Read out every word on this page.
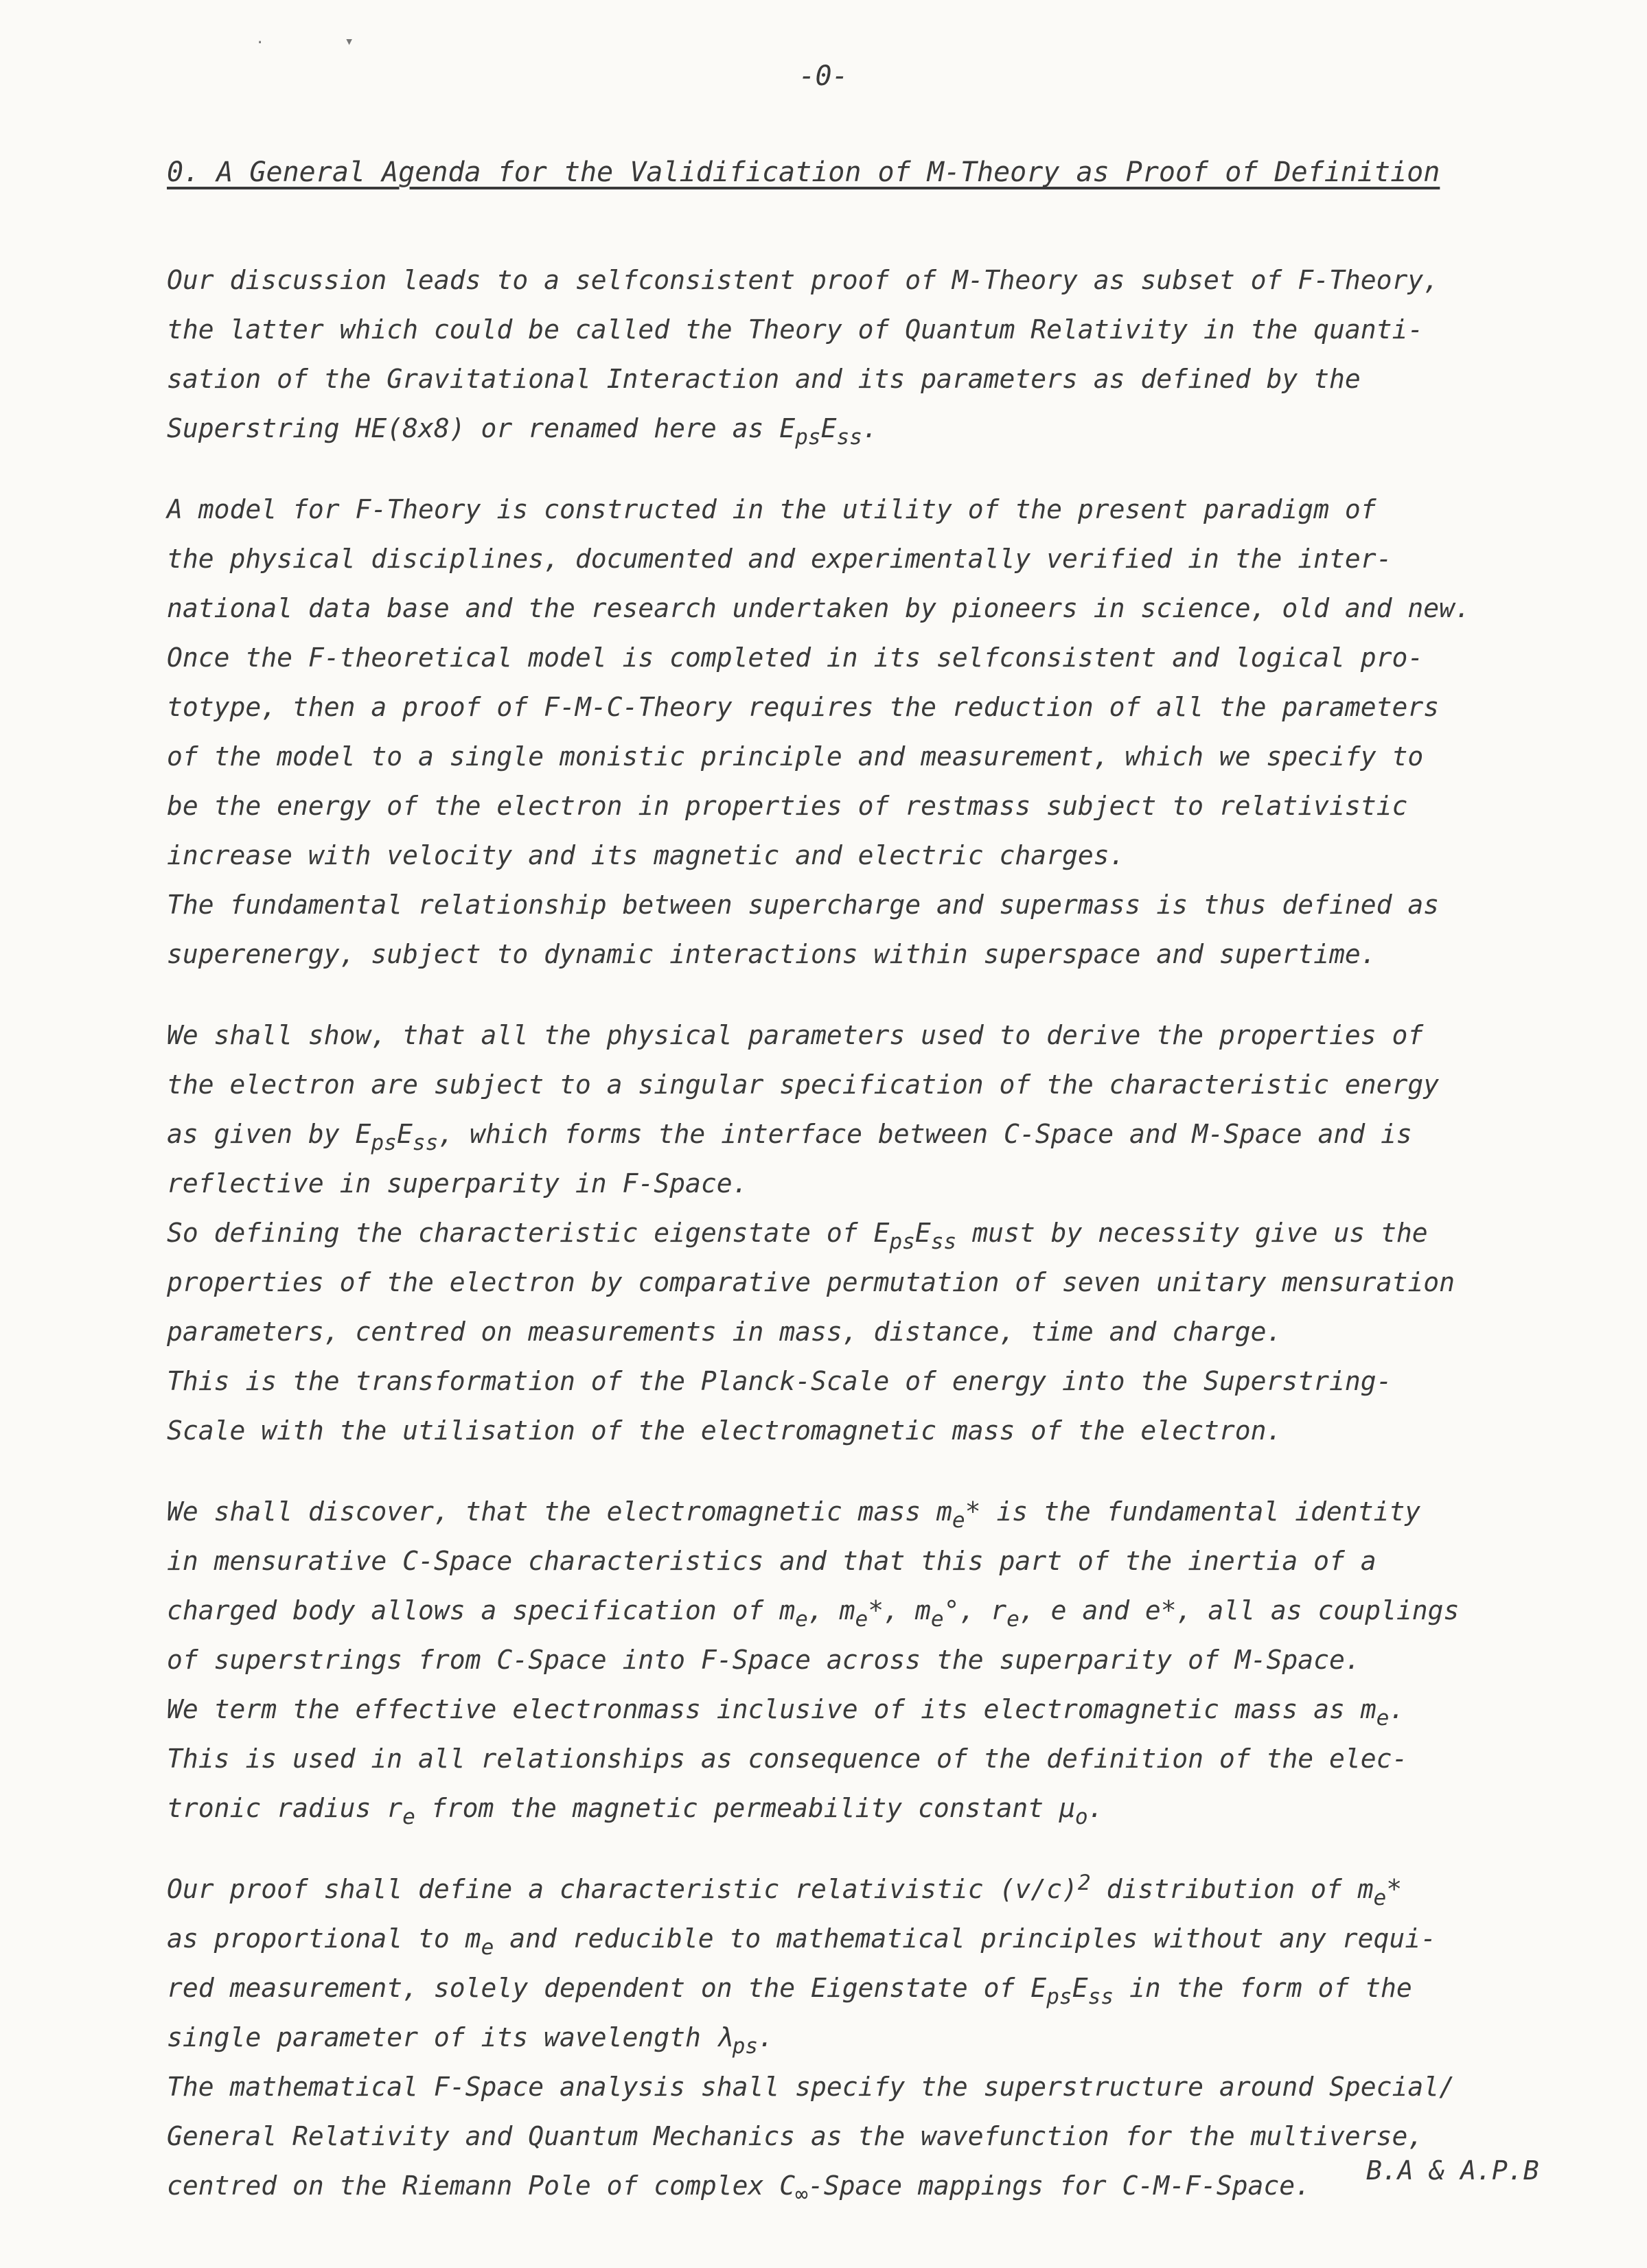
·	▾
-0-
0. A General Agenda for the Validification of M-Theory as Proof of Definition
Our discussion leads to a selfconsistent proof of M-Theory as subset of F-Theory,
the latter which could be called the Theory of Quantum Relativity in the quanti-
sation of the Gravitational Interaction and its parameters as defined by the
Superstring HE(8x8) or renamed here as $E_{ps}E_{ss}$.
A model for F-Theory is constructed in the utility of the present paradigm of
the physical disciplines, documented and experimentally verified in the inter-
national data base and the research undertaken by pioneers in science, old and new.
Once the F-theoretical model is completed in its selfconsistent and logical pro-
totype, then a proof of F-M-C-Theory requires the reduction of all the parameters
of the model to a single monistic principle and measurement, which we specify to
be the energy of the electron in properties of restmass subject to relativistic
increase with velocity and its magnetic and electric charges.
The fundamental relationship between supercharge and supermass is thus defined as
superenergy, subject to dynamic interactions within superspace and supertime.
We shall show, that all the physical parameters used to derive the properties of
the electron are subject to a singular specification of the characteristic energy
as given by $E_{ps}E_{ss}$, which forms the interface between C-Space and M-Space and is
reflective in superparity in F-Space.
So defining the characteristic eigenstate of $E_{ps}E_{ss}$ must by necessity give us the
properties of the electron by comparative permutation of seven unitary mensuration
parameters, centred on measurements in mass, distance, time and charge.
This is the transformation of the Planck-Scale of energy into the Superstring-
Scale with the utilisation of the electromagnetic mass of the electron.
We shall discover, that the electromagnetic mass $m_e*$ is the fundamental identity
in mensurative C-Space characteristics and that this part of the inertia of a
charged body allows a specification of $m_e$, $m_e*$, $m_e^\circ$, $r_e$, e and e*, all as couplings
of superstrings from C-Space into F-Space across the superparity of M-Space.
We term the effective electronmass inclusive of its electromagnetic mass as $m_e$.
This is used in all relationships as consequence of the definition of the elec-
tronic radius $r_e$ from the magnetic permeability constant $\mu_o$.
Our proof shall define a characteristic relativistic $(v/c)^2$ distribution of $m_e*$
as proportional to $m_e$ and reducible to mathematical principles without any requi-
red measurement, solely dependent on the Eigenstate of $E_{ps}E_{ss}$ in the form of the
single parameter of its wavelength $\lambda_{ps}$.
The mathematical F-Space analysis shall specify the superstructure around Special/
General Relativity and Quantum Mechanics as the wavefunction for the multiverse,
centred on the Riemann Pole of complex $C_\infty$-Space mappings for C-M-F-Space.	B.A & A.P.B
